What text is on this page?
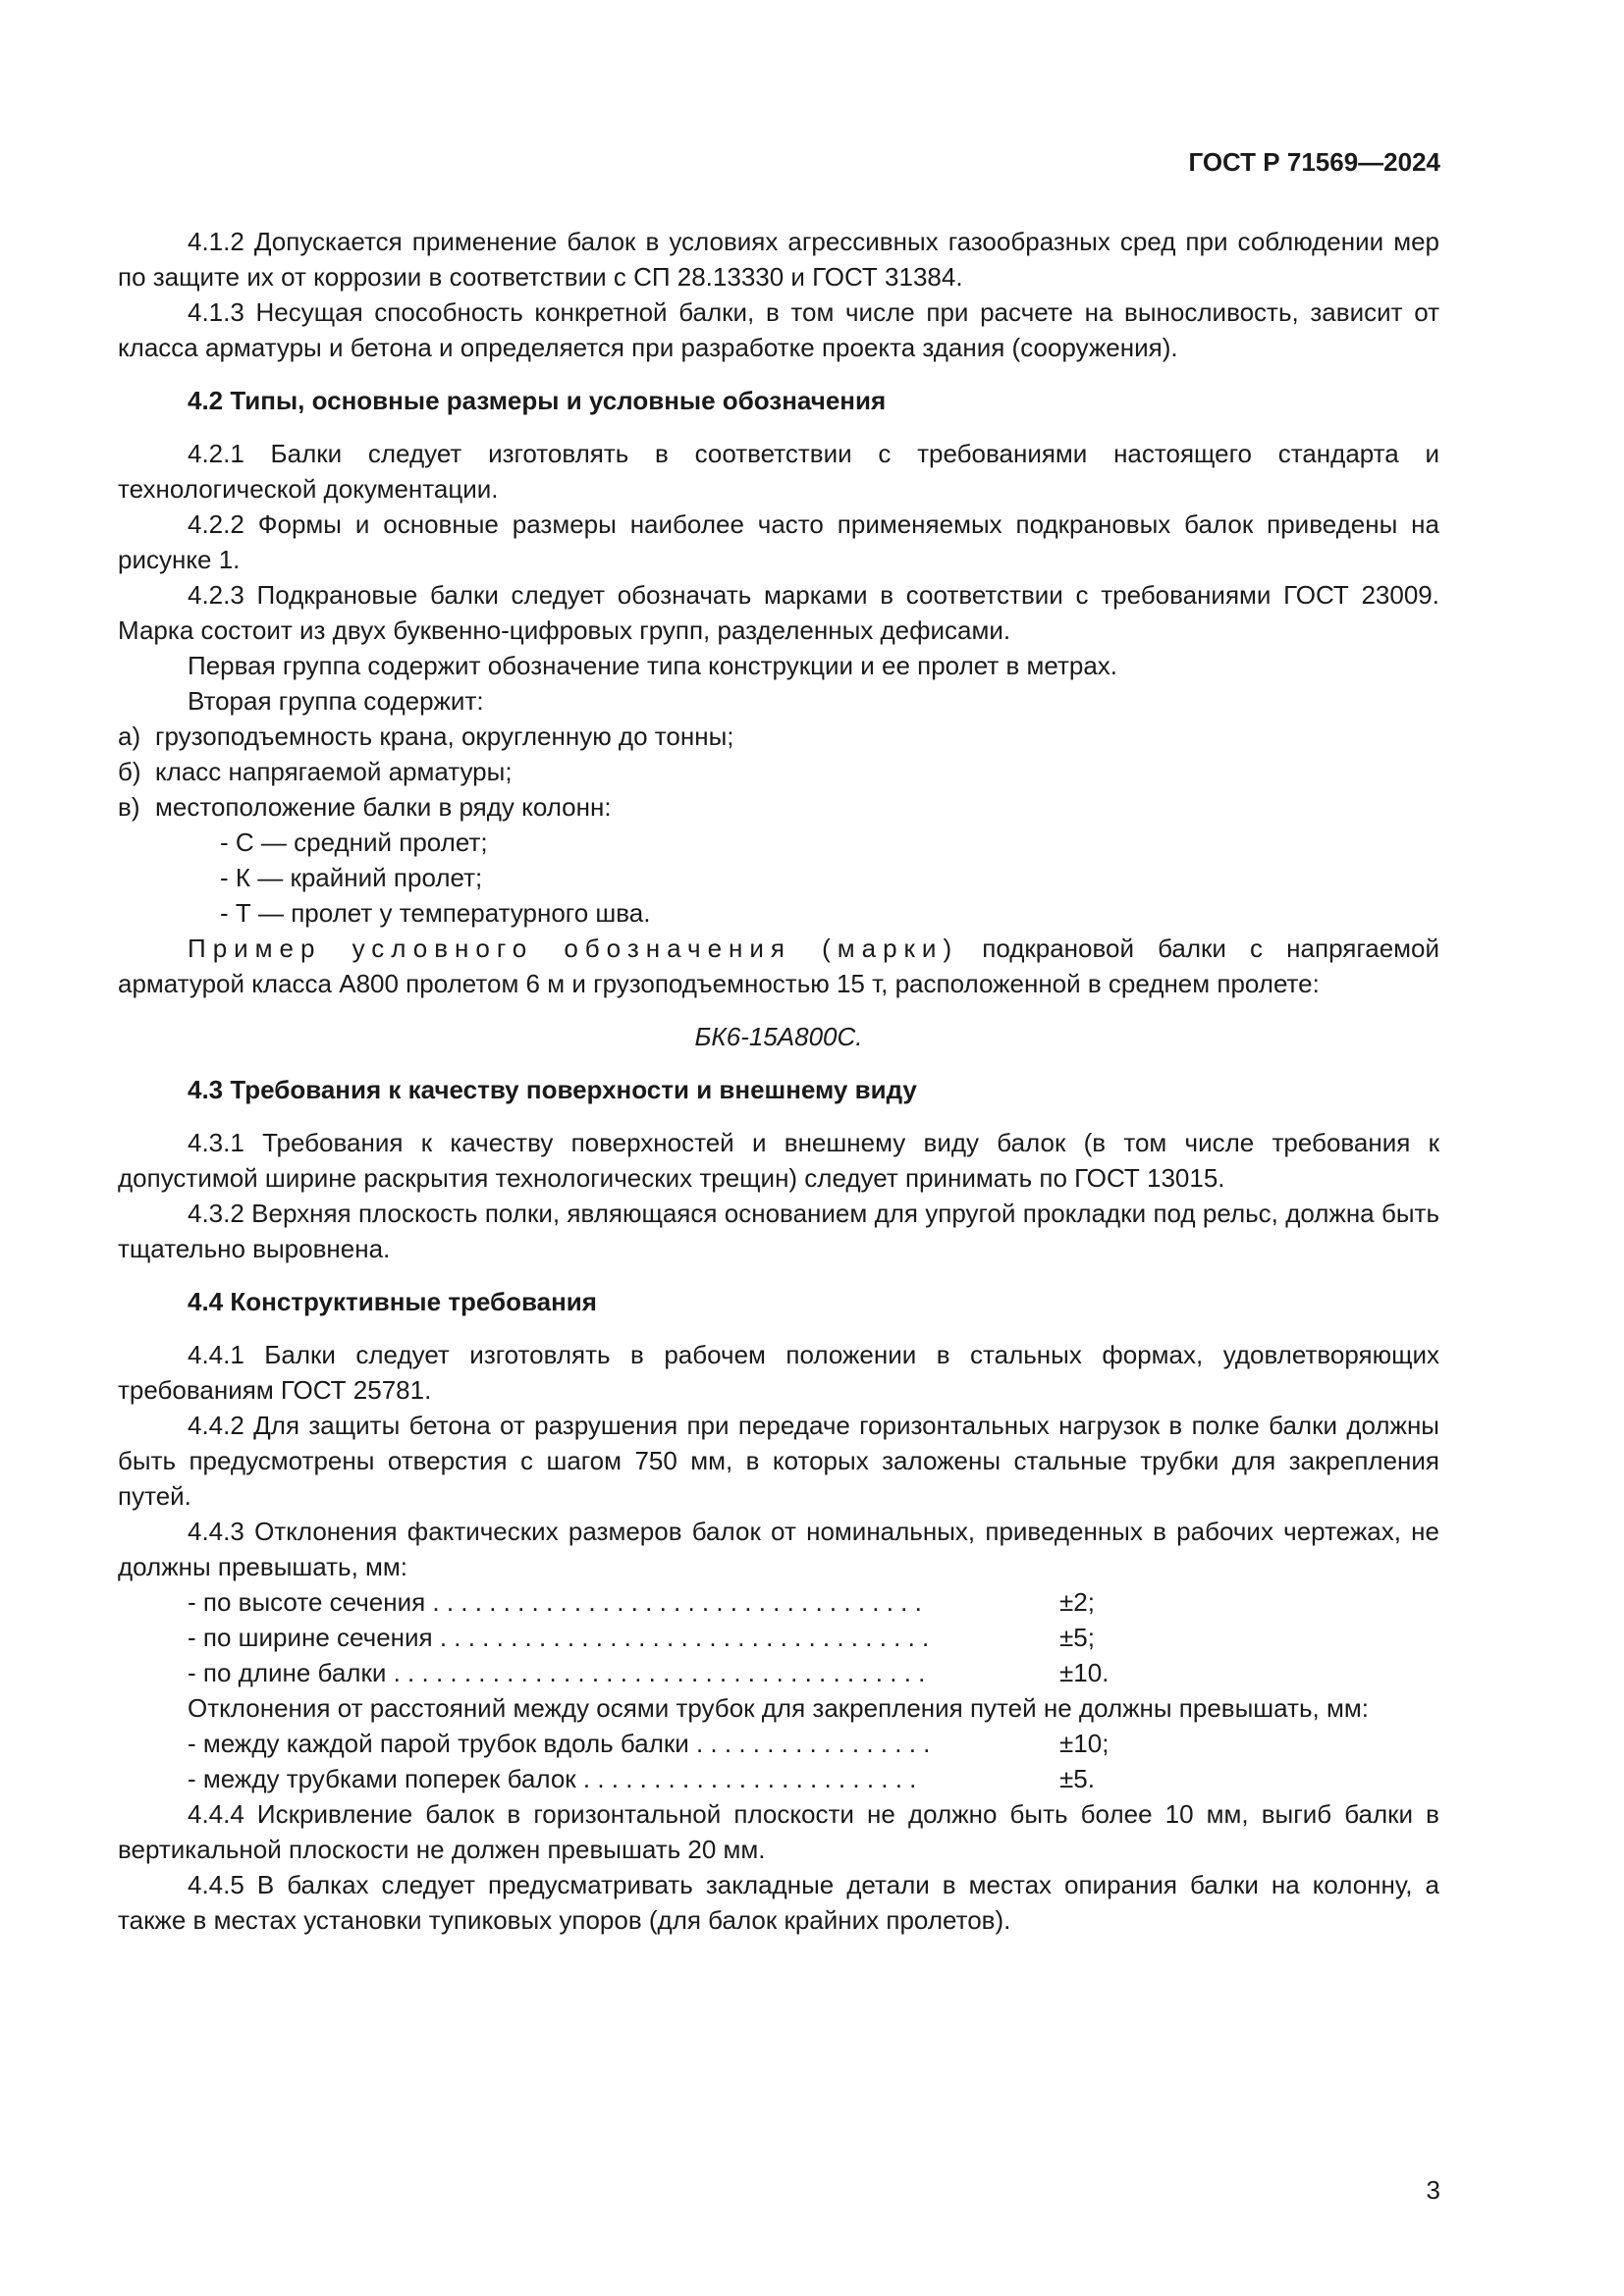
ГОСТ Р 71569—2024

4.1.2 Допускается применение балок в условиях агрессивных газообразных сред при соблюдении мер по защите их от коррозии в соответствии с СП 28.13330 и ГОСТ 31384.

4.1.3 Несущая способность конкретной балки, в том числе при расчете на выносливость, зависит от класса арматуры и бетона и определяется при разработке проекта здания (сооружения).

4.2 Типы, основные размеры и условные обозначения

4.2.1 Балки следует изготовлять в соответствии с требованиями настоящего стандарта и технологической документации.

4.2.2 Формы и основные размеры наиболее часто применяемых подкрановых балок приведены на рисунке 1.

4.2.3 Подкрановые балки следует обозначать марками в соответствии с требованиями ГОСТ 23009. Марка состоит из двух буквенно-цифровых групп, разделенных дефисами.

Первая группа содержит обозначение типа конструкции и ее пролет в метрах.

Вторая группа содержит:

а) грузоподъемность крана, округленную до тонны;

б) класс напрягаемой арматуры;

в) местоположение балки в ряду колонн:

- С — средний пролет;

- К — крайний пролет;

- Т — пролет у температурного шва.

Пример условного обозначения (марки) подкрановой балки с напрягаемой арматурой класса А800 пролетом 6 м и грузоподъемностью 15 т, расположенной в среднем пролете:

БК6-15А800С.

4.3 Требования к качеству поверхности и внешнему виду

4.3.1 Требования к качеству поверхностей и внешнему виду балок (в том числе требования к допустимой ширине раскрытия технологических трещин) следует принимать по ГОСТ 13015.

4.3.2 Верхняя плоскость полки, являющаяся основанием для упругой прокладки под рельс, должна быть тщательно выровнена.

4.4 Конструктивные требования

4.4.1 Балки следует изготовлять в рабочем положении в стальных формах, удовлетворяющих требованиям ГОСТ 25781.

4.4.2 Для защиты бетона от разрушения при передаче горизонтальных нагрузок в полке балки должны быть предусмотрены отверстия с шагом 750 мм, в которых заложены стальные трубки для закрепления путей.

4.4.3 Отклонения фактических размеров балок от номинальных, приведенных в рабочих чертежах, не должны превышать, мм:

- по высоте сечения . . . . . . . . . . . . . . . . . . . . . . . . . . . . . . . . . . .	±2;
- по ширине сечения . . . . . . . . . . . . . . . . . . . . . . . . . . . . . . . . . . .	±5;
- по длине балки . . . . . . . . . . . . . . . . . . . . . . . . . . . . . . . . . . . . . .	±10.

Отклонения от расстояний между осями трубок для закрепления путей не должны превышать, мм:

- между каждой парой трубок вдоль балки . . . . . . . . . . . . . . . . .	±10;
- между трубками поперек балок . . . . . . . . . . . . . . . . . . . . . . . .	±5.

4.4.4 Искривление балок в горизонтальной плоскости не должно быть более 10 мм, выгиб балки в вертикальной плоскости не должен превышать 20 мм.

4.4.5 В балках следует предусматривать закладные детали в местах опирания балки на колонну, а также в местах установки тупиковых упоров (для балок крайних пролетов).

3
